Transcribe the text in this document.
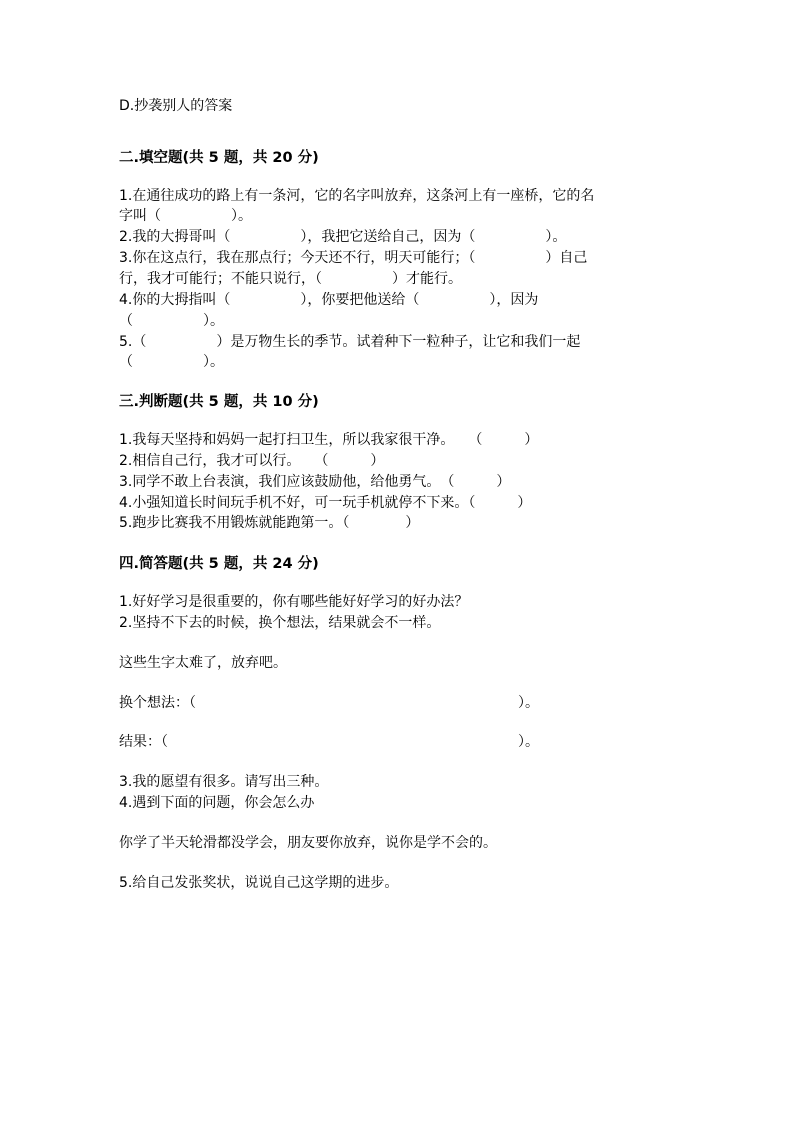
D.抄袭别人的答案
二.填空题(共 5 题，共 20 分)
1.在通往成功的路上有一条河，它的名字叫放弃，这条河上有一座桥，它的名
字叫（　　　　　）。
2.我的大拇哥叫（　　　　　），我把它送给自己，因为（　　　　　）。
3.你在这点行，我在那点行；今天还不行，明天可能行；（　　　　　）自己
行，我才可能行；不能只说行，（　　　　　）才能行。
4.你的大拇指叫（　　　　　），你要把他送给（　　　　　），因为
（　　　　　）。
5.（　　　　　）是万物生长的季节。试着种下一粒种子，让它和我们一起
（　　　　　）。
三.判断题(共 5 题，共 10 分)
1.我每天坚持和妈妈一起打扫卫生，所以我家很干净。　　（　　　）
2.相信自己行，我才可以行。　　（　　　）
3.同学不敢上台表演，我们应该鼓励他，给他勇气。　（　　　）
4.小强知道长时间玩手机不好，可一玩手机就停不下来。（　　　）
5.跑步比赛我不用锻炼就能跑第一。（　　　　）
四.简答题(共 5 题，共 24 分)
1.好好学习是很重要的，你有哪些能好好学习的好办法？
2.坚持不下去的时候，换个想法，结果就会不一样。
这些生字太难了，放弃吧。
换个想法：（　　　　　　　　　　　　　　　　　　　　　　　）。
结果：（　　　　　　　　　　　　　　　　　　　　　　　　　）。
3.我的愿望有很多。请写出三种。
4.遇到下面的问题，你会怎么办
你学了半天轮滑都没学会，朋友要你放弃，说你是学不会的。
5.给自己发张奖状，说说自己这学期的进步。
